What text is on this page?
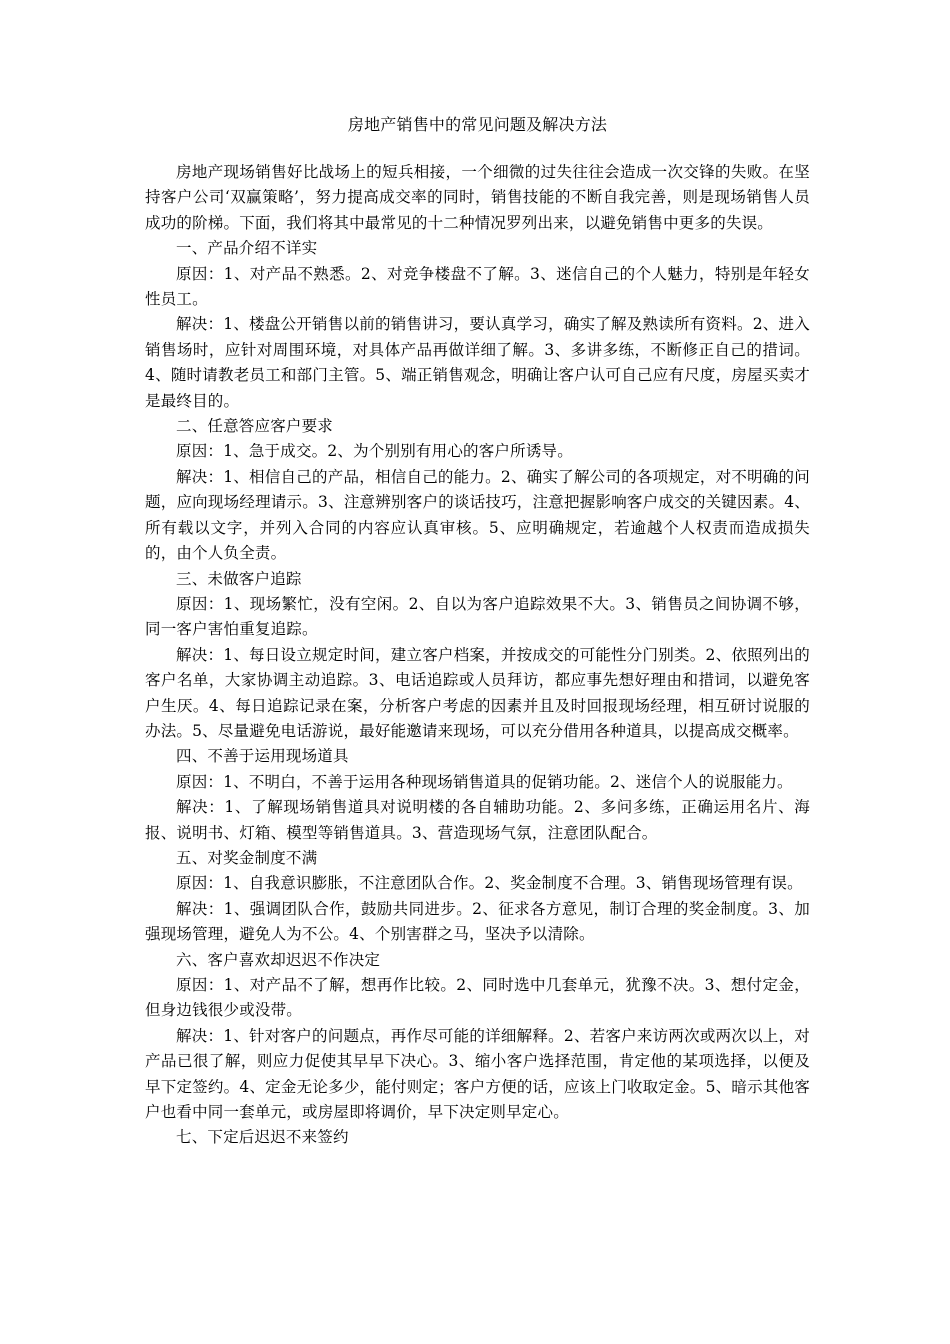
房地产销售中的常见问题及解决方法

房地产现场销售好比战场上的短兵相接，一个细微的过失往往会造成一次交锋的失败。在坚持客户公司‘双赢策略’，努力提高成交率的同时，销售技能的不断自我完善，则是现场销售人员成功的阶梯。下面，我们将其中最常见的十二种情况罗列出来，以避免销售中更多的失误。

一、产品介绍不详实

原因：1、对产品不熟悉。2、对竞争楼盘不了解。3、迷信自己的个人魅力，特别是年轻女性员工。

解决：1、楼盘公开销售以前的销售讲习，要认真学习，确实了解及熟读所有资料。2、进入销售场时，应针对周围环境，对具体产品再做详细了解。3、多讲多练，不断修正自己的措词。4、随时请教老员工和部门主管。5、端正销售观念，明确让客户认可自己应有尺度，房屋买卖才是最终目的。

二、任意答应客户要求

原因：1、急于成交。2、为个别别有用心的客户所诱导。

解决：1、相信自己的产品，相信自己的能力。2、确实了解公司的各项规定，对不明确的问题，应向现场经理请示。3、注意辨别客户的谈话技巧，注意把握影响客户成交的关键因素。4、所有载以文字，并列入合同的内容应认真审核。5、应明确规定，若逾越个人权责而造成损失的，由个人负全责。

三、未做客户追踪

原因：1、现场繁忙，没有空闲。2、自以为客户追踪效果不大。3、销售员之间协调不够，同一客户害怕重复追踪。

解决：1、每日设立规定时间，建立客户档案，并按成交的可能性分门别类。2、依照列出的客户名单，大家协调主动追踪。3、电话追踪或人员拜访，都应事先想好理由和措词，以避免客户生厌。4、每日追踪记录在案，分析客户考虑的因素并且及时回报现场经理，相互研讨说服的办法。5、尽量避免电话游说，最好能邀请来现场，可以充分借用各种道具，以提高成交概率。

四、不善于运用现场道具

原因：1、不明白，不善于运用各种现场销售道具的促销功能。2、迷信个人的说服能力。

解决：1、了解现场销售道具对说明楼的各自辅助功能。2、多问多练，正确运用名片、海报、说明书、灯箱、模型等销售道具。3、营造现场气氛，注意团队配合。

五、对奖金制度不满

原因：1、自我意识膨胀，不注意团队合作。2、奖金制度不合理。3、销售现场管理有误。

解决：1、强调团队合作，鼓励共同进步。2、征求各方意见，制订合理的奖金制度。3、加强现场管理，避免人为不公。4、个别害群之马，坚决予以清除。

六、客户喜欢却迟迟不作决定

原因：1、对产品不了解，想再作比较。2、同时选中几套单元，犹豫不决。3、想付定金，但身边钱很少或没带。

解决：1、针对客户的问题点，再作尽可能的详细解释。2、若客户来访两次或两次以上，对产品已很了解，则应力促使其早早下决心。3、缩小客户选择范围，肯定他的某项选择，以便及早下定签约。4、定金无论多少，能付则定；客户方便的话，应该上门收取定金。5、暗示其他客户也看中同一套单元，或房屋即将调价，早下决定则早定心。

七、下定后迟迟不来签约
